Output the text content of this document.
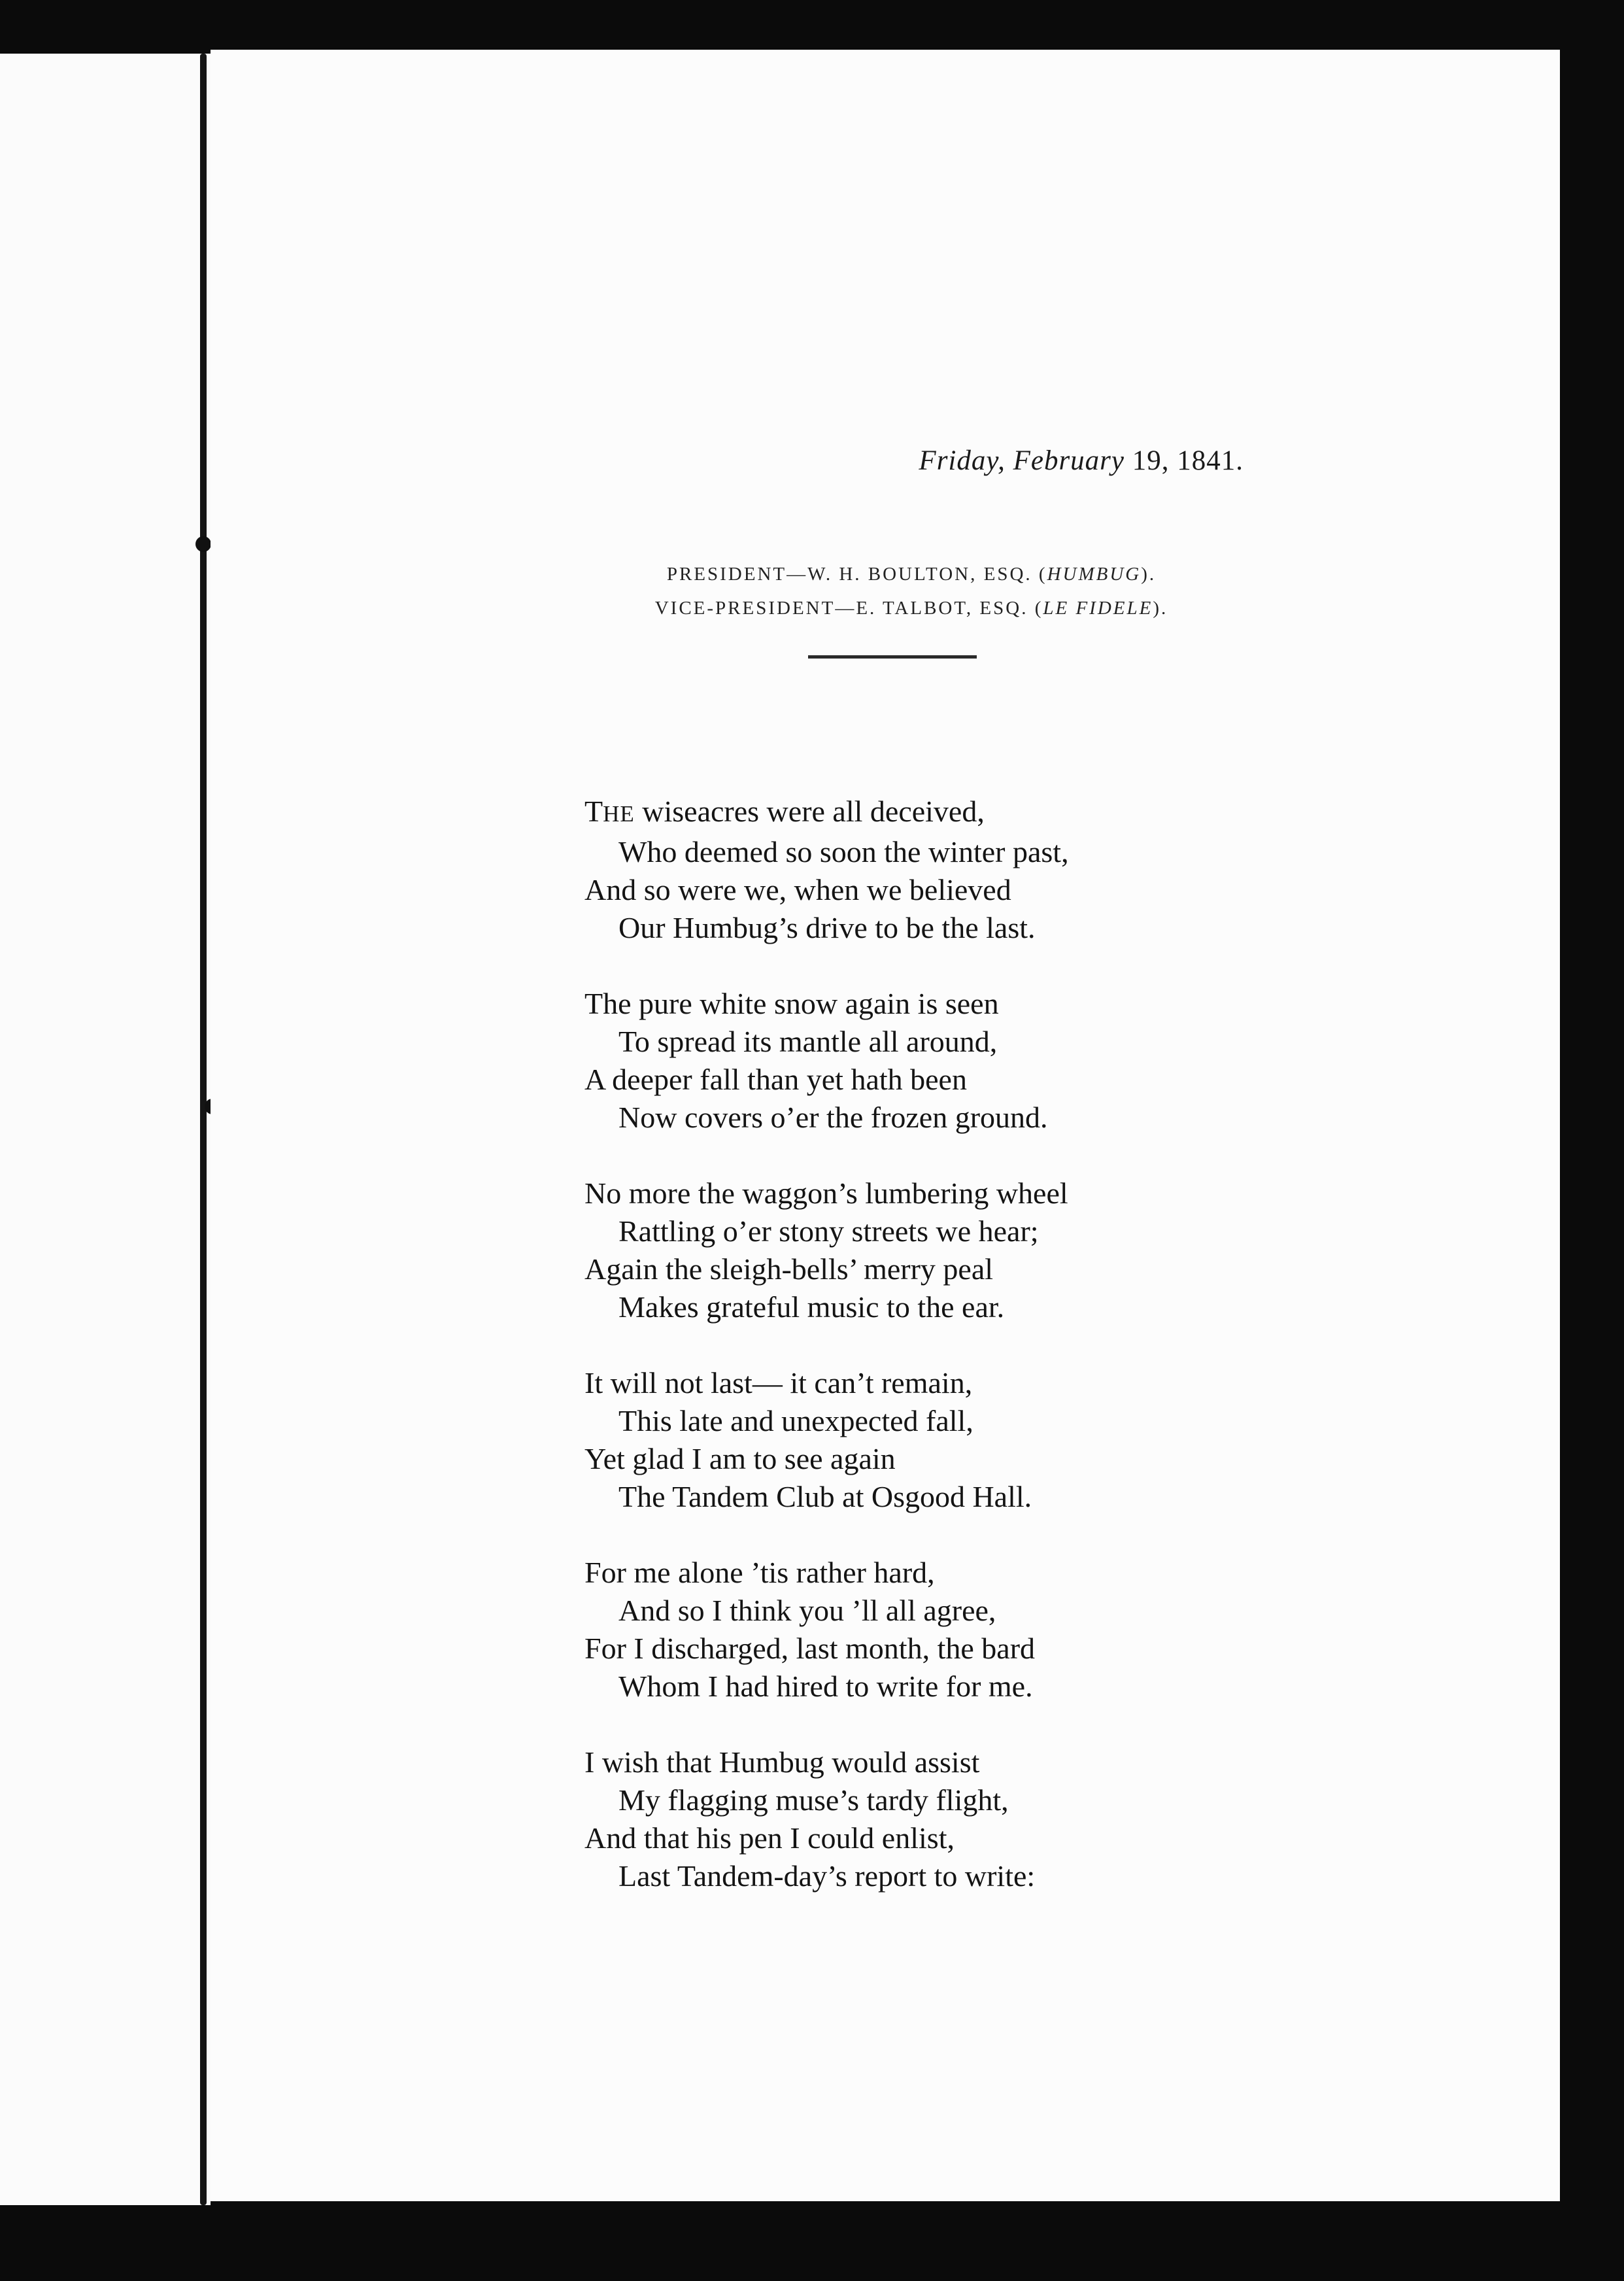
Friday, February 19, 1841.
PRESIDENT—W. H. BOULTON, ESQ. (HUMBUG).
VICE-PRESIDENT—E. TALBOT, ESQ. (LE FIDELE).
THE wiseacres were all deceived,
Who deemed so soon the winter past,
And so were we, when we believed
Our Humbug’s drive to be the last.
The pure white snow again is seen
To spread its mantle all around,
A deeper fall than yet hath been
Now covers o’er the frozen ground.
No more the waggon’s lumbering wheel
Rattling o’er stony streets we hear;
Again the sleigh-bells’ merry peal
Makes grateful music to the ear.
It will not last— it can’t remain,
This late and unexpected fall,
Yet glad I am to see again
The Tandem Club at Osgood Hall.
For me alone ’tis rather hard,
And so I think you ’ll all agree,
For I discharged, last month, the bard
Whom I had hired to write for me.
I wish that Humbug would assist
My flagging muse’s tardy flight,
And that his pen I could enlist,
Last Tandem-day’s report to write:
